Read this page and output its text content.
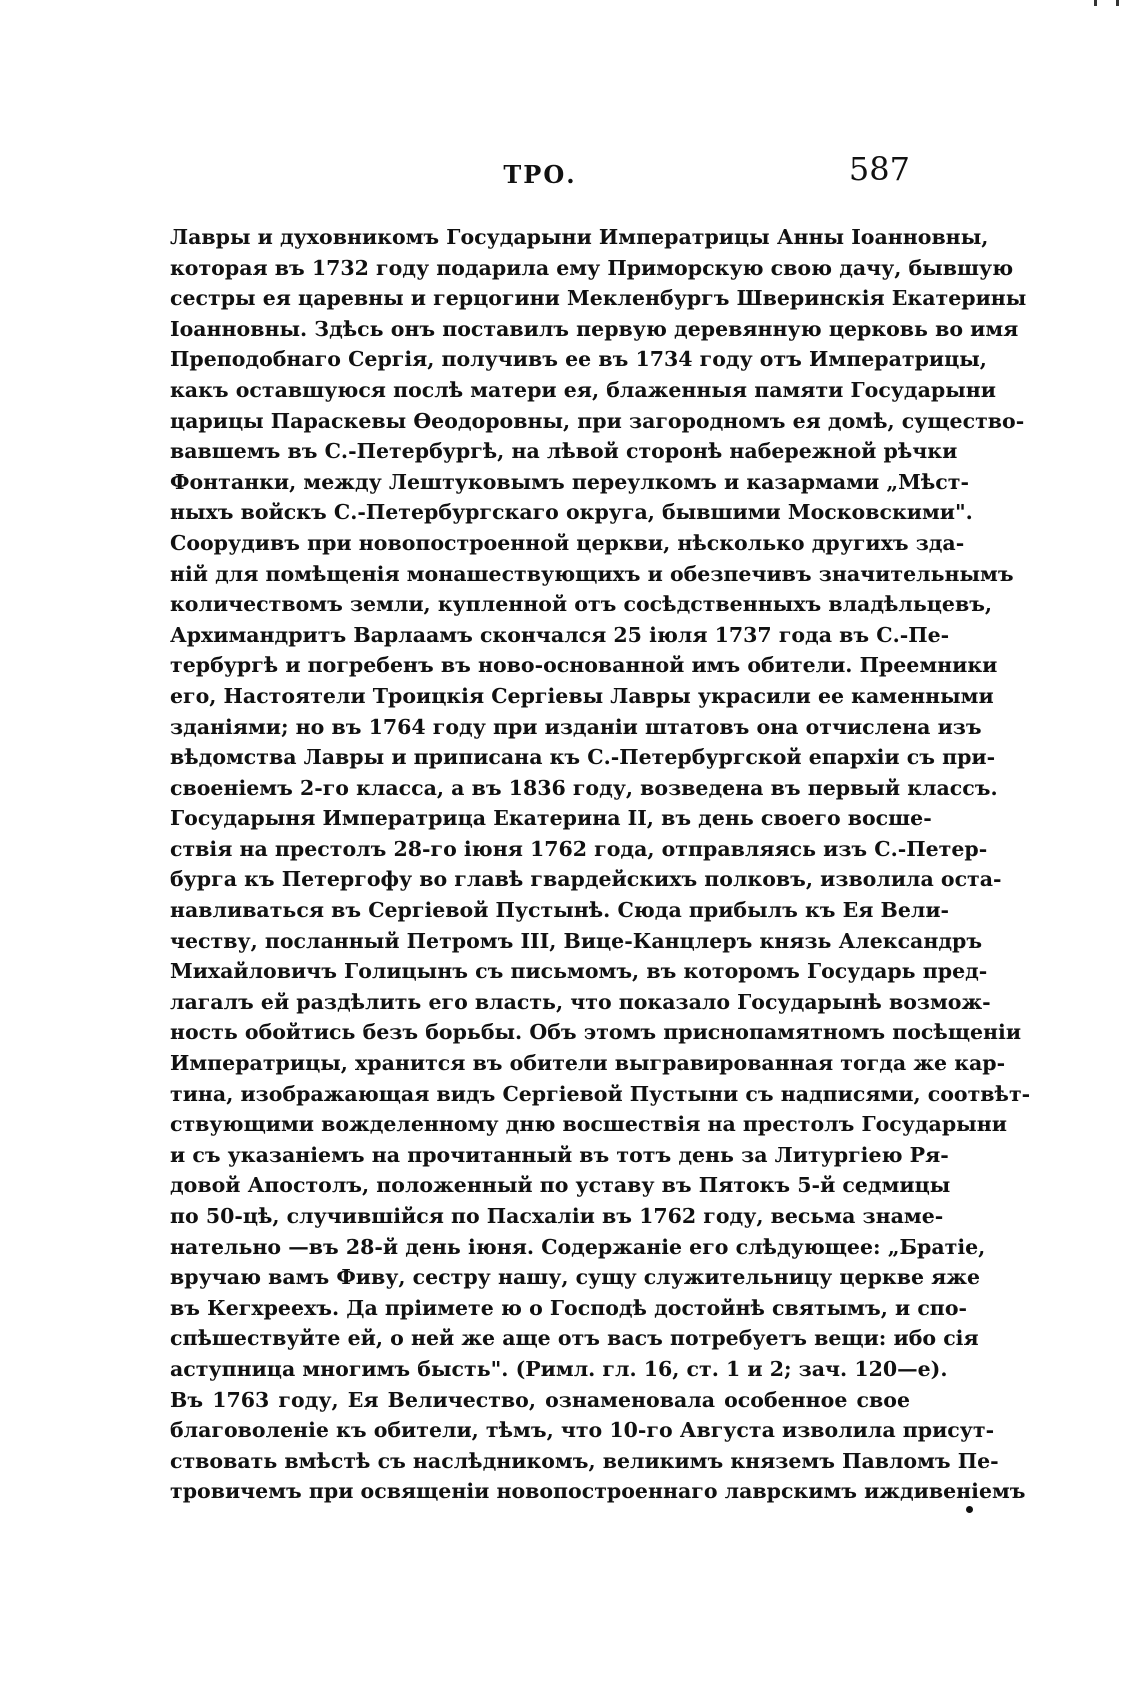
ТРО.	587
Лавры и духовникомъ Государыни Императрицы Анны Іоанновны,
которая въ 1732 году подарила ему Приморскую свою дачу, бывшую
сестры ея царевны и герцогини Мекленбургъ Шверинскія Екатерины
Іоанновны. Здѣсь онъ поставилъ первую деревянную церковь во имя
Преподобнаго Сергія, получивъ ее въ 1734 году отъ Императрицы,
какъ оставшуюся послѣ матери ея, блаженныя памяти Государыни
царицы Параскевы Ѳеодоровны, при загородномъ ея домѣ, существо-
вавшемъ въ С.-Петербургѣ, на лѣвой сторонѣ набережной рѣчки
Фонтанки, между Лештуковымъ переулкомъ и казармами „Мѣст-
ныхъ войскъ С.-Петербургскаго округа, бывшими Московскими".
Соорудивъ при новопостроенной церкви, нѣсколько другихъ зда-
ній для помѣщенія монашествующихъ и обезпечивъ значительнымъ
количествомъ земли, купленной отъ сосѣдственныхъ владѣльцевъ,
Архимандритъ Варлаамъ скончался 25 іюля 1737 года въ С.-Пе-
тербургѣ и погребенъ въ ново-основанной имъ обители. Преемники
его, Настоятели Троицкія Сергіевы Лавры украсили ее каменными
зданіями; но въ 1764 году при изданіи штатовъ она отчислена изъ
вѣдомства Лавры и приписана къ С.-Петербургской епархіи съ при-
своеніемъ 2-го класса, а въ 1836 году, возведена въ первый классъ.
Государыня Императрица Екатерина II, въ день своего восше-
ствія на престолъ 28-го іюня 1762 года, отправляясь изъ С.-Петер-
бурга къ Петергофу во главѣ гвардейскихъ полковъ, изволила оста-
навливаться въ Сергіевой Пустынѣ. Сюда прибылъ къ Ея Вели-
честву, посланный Петромъ III, Вице-Канцлеръ князь Александръ
Михайловичъ Голицынъ съ письмомъ, въ которомъ Государь пред-
лагалъ ей раздѣлить его власть, что показало Государынѣ возмож-
ность обойтись безъ борьбы. Объ этомъ приснопамятномъ посѣщеніи
Императрицы, хранится въ обители выгравированная тогда же кар-
тина, изображающая видъ Сергіевой Пустыни съ надписями, соотвѣт-
ствующими вожделенному дню восшествія на престолъ Государыни
и съ указаніемъ на прочитанный въ тотъ день за Литургіею Ря-
довой Апостолъ, положенный по уставу въ Пятокъ 5-й седмицы
по 50-цѣ, случившійся по Пасхаліи въ 1762 году, весьма знаме-
нательно —въ 28-й день іюня. Содержаніе его слѣдующее: „Братіе,
вручаю вамъ Фиву, сестру нашу, сущу служительницу церкве яже
въ Кегхреехъ. Да пріимете ю о Господѣ достойнѣ святымъ, и спо-
спѣшествуйте ей, о ней же аще отъ васъ потребуетъ вещи: ибо сія
аступница многимъ бысть". (Римл. гл. 16, ст. 1 и 2; зач. 120—е).
Въ 1763 году, Ея Величество, ознаменовала особенное свое
благоволеніе къ обители, тѣмъ, что 10-го Августа изволила присут-
ствовать вмѣстѣ съ наслѣдникомъ, великимъ княземъ Павломъ Пе-
тровичемъ при освященіи новопостроеннаго лаврскимъ иждивеніемъ
